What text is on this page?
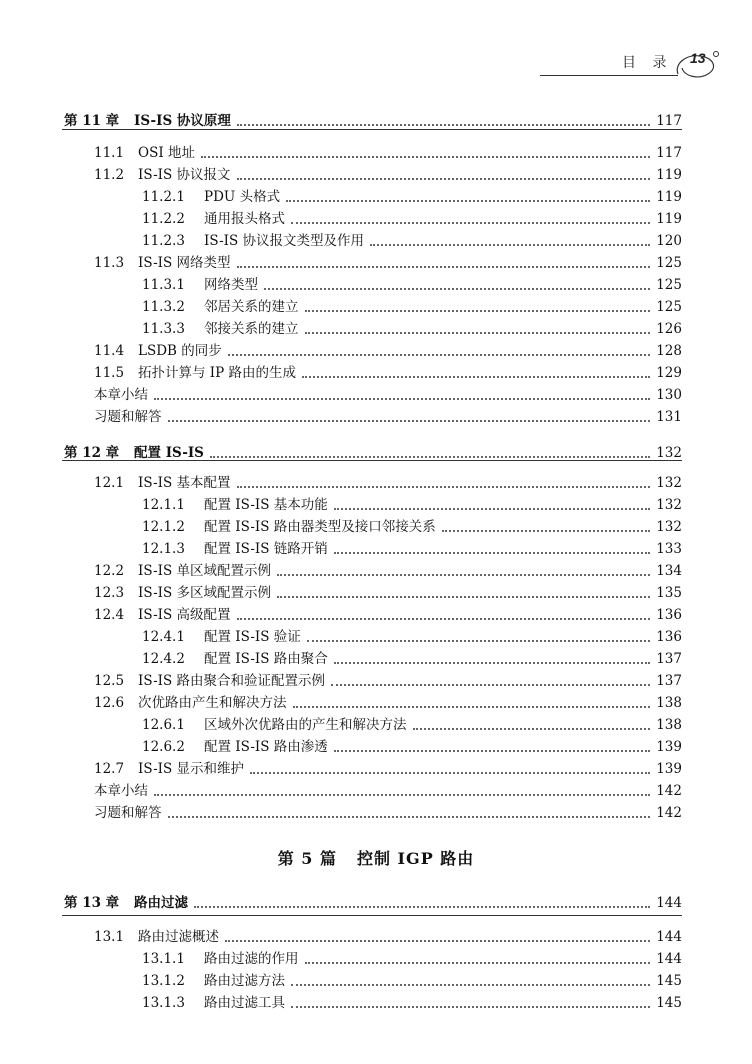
目 录 13
第 11 章	IS-IS 协议原理	117
11.1	OSI 地址	117
11.2	IS-IS 协议报文	119
11.2.1	PDU 头格式	119
11.2.2	通用报头格式	119
11.2.3	IS-IS 协议报文类型及作用	120
11.3	IS-IS 网络类型	125
11.3.1	网络类型	125
11.3.2	邻居关系的建立	125
11.3.3	邻接关系的建立	126
11.4	LSDB 的同步	128
11.5	拓扑计算与 IP 路由的生成	129
本章小结	130
习题和解答	131
第 12 章	配置 IS-IS	132
12.1	IS-IS 基本配置	132
12.1.1	配置 IS-IS 基本功能	132
12.1.2	配置 IS-IS 路由器类型及接口邻接关系	132
12.1.3	配置 IS-IS 链路开销	133
12.2	IS-IS 单区域配置示例	134
12.3	IS-IS 多区域配置示例	135
12.4	IS-IS 高级配置	136
12.4.1	配置 IS-IS 验证	136
12.4.2	配置 IS-IS 路由聚合	137
12.5	IS-IS 路由聚合和验证配置示例	137
12.6	次优路由产生和解决方法	138
12.6.1	区域外次优路由的产生和解决方法	138
12.6.2	配置 IS-IS 路由渗透	139
12.7	IS-IS 显示和维护	139
本章小结	142
习题和解答	142
第 13 章	路由过滤	144
13.1	路由过滤概述	144
13.1.1	路由过滤的作用	144
13.1.2	路由过滤方法	145
13.1.3	路由过滤工具	145
第 5 篇 控制 IGP 路由
